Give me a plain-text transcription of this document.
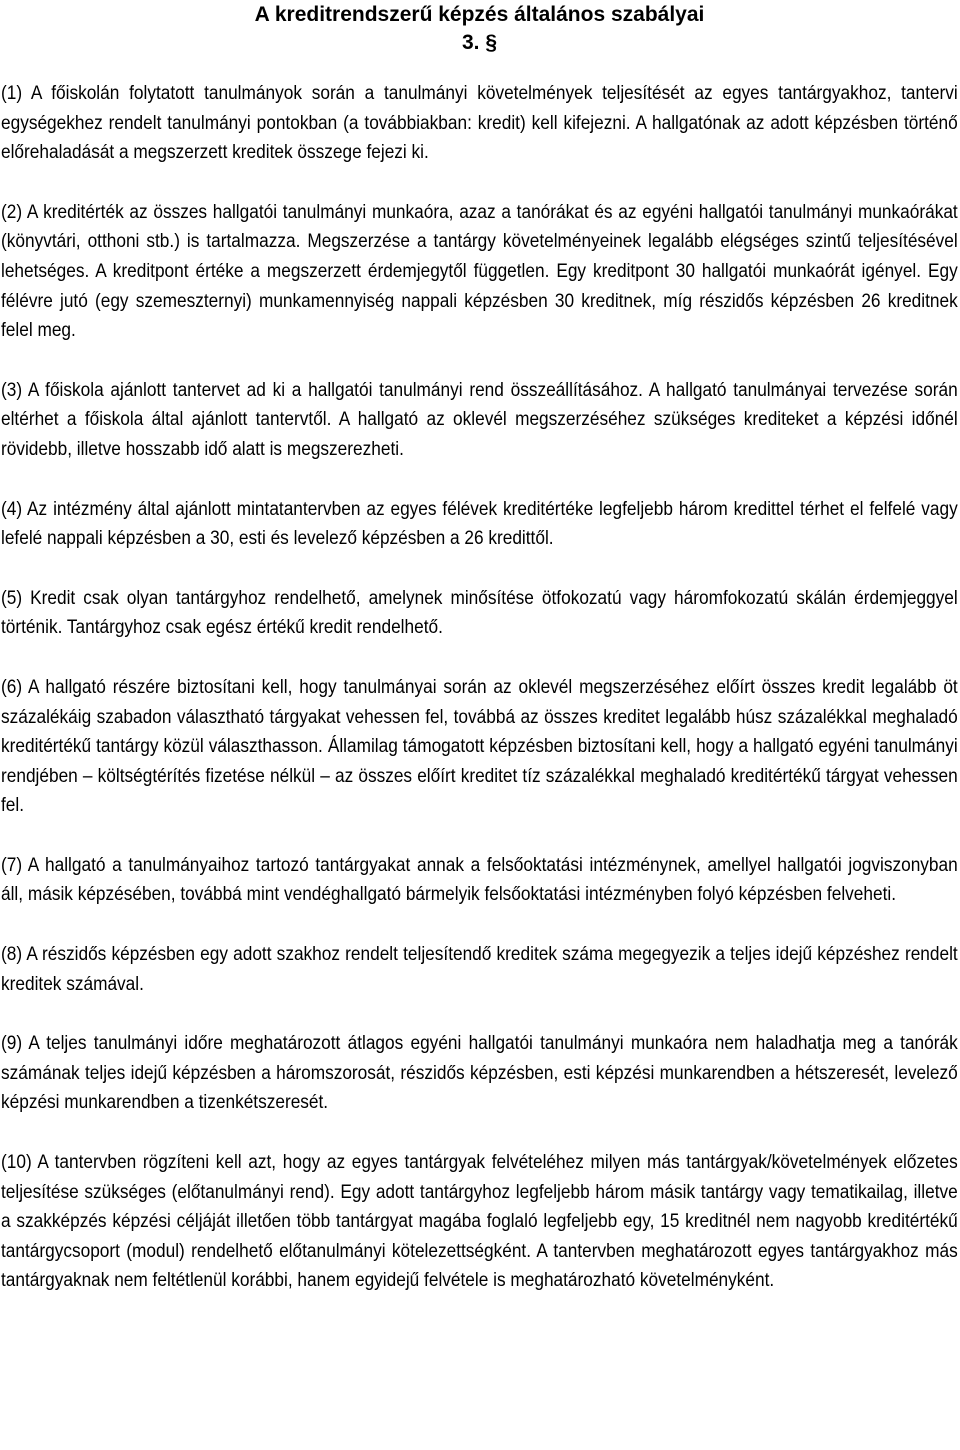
A kreditrendszerű képzés általános szabályai
3. §

(1) A főiskolán folytatott tanulmányok során a tanulmányi követelmények teljesítését az egyes tantárgyakhoz, tantervi egységekhez rendelt tanulmányi pontokban (a továbbiakban: kredit) kell kifejezni. A hallgatónak az adott képzésben történő előrehaladását a megszerzett kreditek összege fejezi ki.

(2) A kreditérték az összes hallgatói tanulmányi munkaóra, azaz a tanórákat és az egyéni hallgatói tanulmányi munkaórákat (könyvtári, otthoni stb.) is tartalmazza. Megszerzése a tantárgy követelményeinek legalább elégséges szintű teljesítésével lehetséges. A kreditpont értéke a megszerzett érdemjegytől független. Egy kreditpont 30 hallgatói munkaórát igényel. Egy félévre jutó (egy szemeszternyi) munkamennyiség nappali képzésben 30 kreditnek, míg részidős képzésben 26 kreditnek felel meg.

(3) A főiskola ajánlott tantervet ad ki a hallgatói tanulmányi rend összeállításához. A hallgató tanulmányai tervezése során eltérhet a főiskola által ajánlott tantervtől. A hallgató az oklevél megszerzéséhez szükséges krediteket a képzési időnél rövidebb, illetve hosszabb idő alatt is megszerezheti.

(4) Az intézmény által ajánlott mintatantervben az egyes félévek kreditértéke legfeljebb három kredittel térhet el felfelé vagy lefelé nappali képzésben a 30, esti és levelező képzésben a 26 kredittől.

(5) Kredit csak olyan tantárgyhoz rendelhető, amelynek minősítése ötfokozatú vagy háromfokozatú skálán érdemjeggyel történik. Tantárgyhoz csak egész értékű kredit rendelhető.

(6) A hallgató részére biztosítani kell, hogy tanulmányai során az oklevél megszerzéséhez előírt összes kredit legalább öt százalékáig szabadon választható tárgyakat vehessen fel, továbbá az összes kreditet legalább húsz százalékkal meghaladó kreditértékű tantárgy közül választhasson. Államilag támogatott képzésben biztosítani kell, hogy a hallgató egyéni tanulmányi rendjében – költségtérítés fizetése nélkül – az összes előírt kreditet tíz százalékkal meghaladó kreditértékű tárgyat vehessen fel.

(7) A hallgató a tanulmányaihoz tartozó tantárgyakat annak a felsőoktatási intézménynek, amellyel hallgatói jogviszonyban áll, másik képzésében, továbbá mint vendéghallgató bármelyik felsőoktatási intézményben folyó képzésben felveheti.

(8) A részidős képzésben egy adott szakhoz rendelt teljesítendő kreditek száma megegyezik a teljes idejű képzéshez rendelt kreditek számával.

(9) A teljes tanulmányi időre meghatározott átlagos egyéni hallgatói tanulmányi munkaóra nem haladhatja meg a tanórák számának teljes idejű képzésben a háromszorosát, részidős képzésben, esti képzési munkarendben a hétszeresét, levelező képzési munkarendben a tizenkétszeresét.

(10) A tantervben rögzíteni kell azt, hogy az egyes tantárgyak felvételéhez milyen más tantárgyak/követelmények előzetes teljesítése szükséges (előtanulmányi rend). Egy adott tantárgyhoz legfeljebb három másik tantárgy vagy tematikailag, illetve a szakképzés képzési céljáját illetően több tantárgyat magába foglaló legfeljebb egy, 15 kreditnél nem nagyobb kreditértékű tantárgycsoport (modul) rendelhető előtanulmányi kötelezettségként. A tantervben meghatározott egyes tantárgyakhoz más tantárgyaknak nem feltétlenül korábbi, hanem egyidejű felvétele is meghatározható követelményként.
